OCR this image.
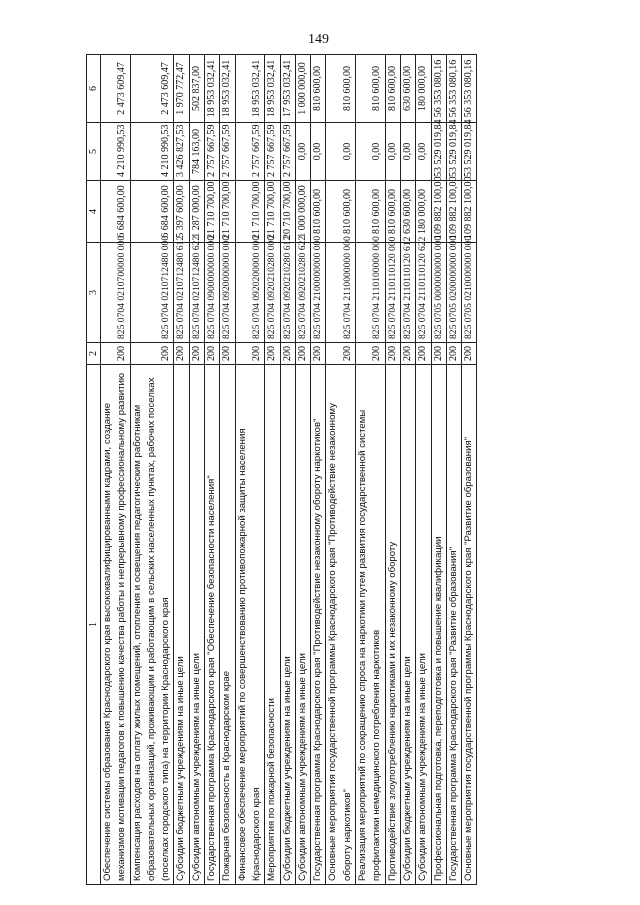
149
1	2	3	4	5	6
Обеспечение системы образования Краснодарского края высококвалифицированными кадрами, создание механизмов мотивации педагогов к повышению качества работы и непрерывному профессиональному развитию	200	825 0704 0210700000 000	6 684 600,00	4 210 990,53	2 473 609,47
Компенсация расходов на оплату жилых помещений, отопления и освещения педагогическим работникам образовательных организаций, проживающим и работающим в сельских населенных пунктах, рабочих поселках (поселках городского типа) на территории Краснодарского края	200	825 0704 0210712480 000	6 684 600,00	4 210 990,53	2 473 609,47
Субсидии бюджетным учреждениям на иные цели	200	825 0704 0210712480 612	5 397 600,00	3 426 827,53	1 970 772,47
Субсидии автономным учреждениям на иные цели	200	825 0704 0210712480 622	1 287 000,00	784 163,00	502 837,00
Государственная программа Краснодарского края "Обеспечение безопасности населения"	200	825 0704 0900000000 000	21 710 700,00	2 757 667,59	18 953 032,41
Пожарная безопасность в Краснодарском крае	200	825 0704 0920000000 000	21 710 700,00	2 757 667,59	18 953 032,41
Финансовое обеспечение мероприятий по совершенствованию противопожарной защиты населения Краснодарского края	200	825 0704 0920200000 000	21 710 700,00	2 757 667,59	18 953 032,41
Мероприятия по пожарной безопасности	200	825 0704 0920210280 000	21 710 700,00	2 757 667,59	18 953 032,41
Субсидии бюджетным учреждениям на иные цели	200	825 0704 0920210280 612	20 710 700,00	2 757 667,59	17 953 032,41
Субсидии автономным учреждениям на иные цели	200	825 0704 0920210280 622	1 000 000,00	0,00	1 000 000,00
Государственная программа Краснодарского края "Противодействие незаконному обороту наркотиков"	200	825 0704 2100000000 000	810 600,00	0,00	810 600,00
Основные мероприятия государственной программы Краснодарского края "Противодействие незаконному обороту наркотиков"	200	825 0704 2110000000 000	810 600,00	0,00	810 600,00
Реализация мероприятий по сокращению спроса на наркотики путем развития государственной системы профилактики немедицинского потребления наркотиков	200	825 0704 2110100000 000	810 600,00	0,00	810 600,00
Противодействие злоупотреблению наркотиками и их незаконному обороту	200	825 0704 2110110120 000	810 600,00	0,00	810 600,00
Субсидии бюджетным учреждениям на иные цели	200	825 0704 2110110120 612	630 600,00	0,00	630 600,00
Субсидии автономным учреждениям на иные цели	200	825 0704 2110110120 622	180 000,00	0,00	180 000,00
Профессиональная подготовка, переподготовка и повышение квалификации	200	825 0705 0000000000 000	109 882 100,00	53 529 019,84	56 353 080,16
Государственная программа Краснодарского края "Развитие образования"	200	825 0705 0200000000 000	109 882 100,00	53 529 019,84	56 353 080,16
Основные мероприятия государственной программы Краснодарского края "Развитие образования"	200	825 0705 0210000000 000	109 882 100,00	53 529 019,84	56 353 080,16
